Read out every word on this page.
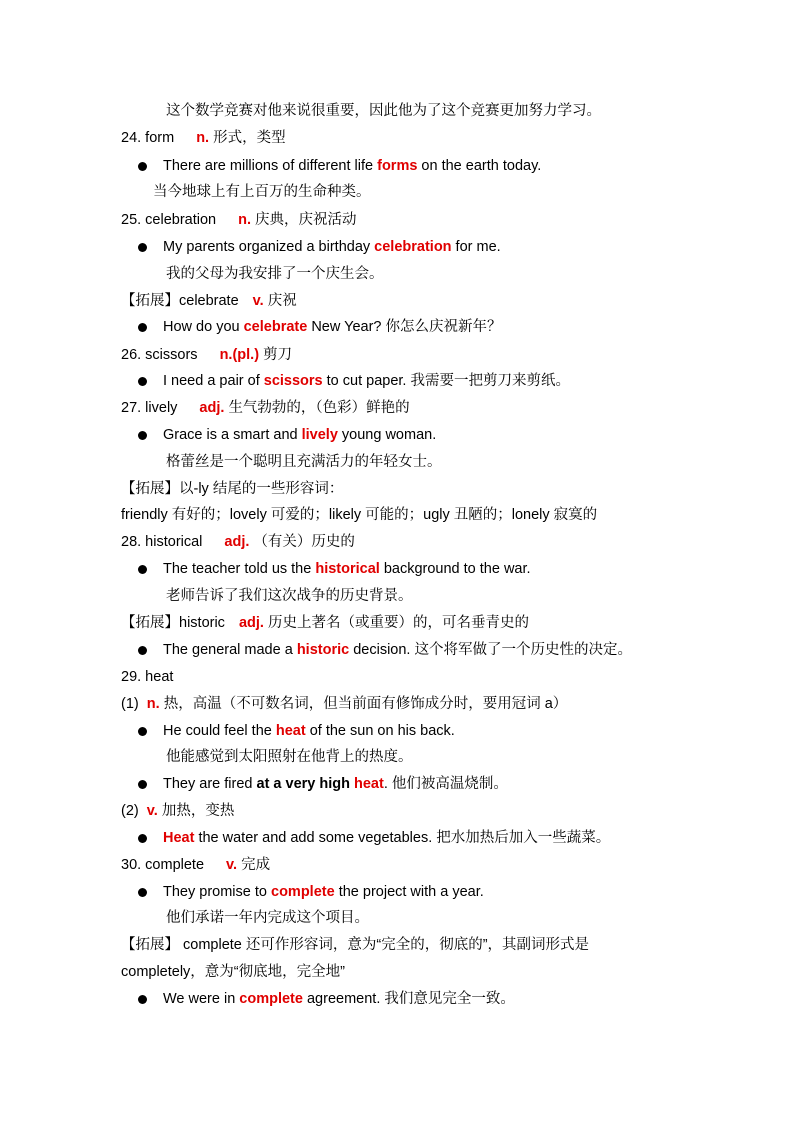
这个数学竞赛对他来说很重要，因此他为了这个竞赛更加努力学习。
24. form n. 形式，类型
There are millions of different life forms on the earth today.
当今地球上有上百万的生命种类。
25. celebration n. 庆典，庆祝活动
My parents organized a birthday celebration for me.
我的父母为我安排了一个庆生会。
【拓展】celebrate v. 庆祝
How do you celebrate New Year? 你怎么庆祝新年？
26. scissors n.(pl.) 剪刀
I need a pair of scissors to cut paper. 我需要一把剪刀来剪纸。
27. lively adj. 生气勃勃的，（色彩）鲜艳的
Grace is a smart and lively young woman.
格蕾丝是一个聪明且充满活力的年轻女士。
【拓展】以-ly 结尾的一些形容词：
friendly 有好的；lovely 可爱的；likely 可能的；ugly 丑陋的；lonely 寂寞的
28. historical adj. （有关）历史的
The teacher told us the historical background to the war.
老师告诉了我们这次战争的历史背景。
【拓展】historic adj. 历史上著名（或重要）的，可名垂青史的
The general made a historic decision. 这个将军做了一个历史性的决定。
29. heat
(1) n. 热，高温（不可数名词，但当前面有修饰成分时，要用冠词 a）
He could feel the heat of the sun on his back.
他能感觉到太阳照射在他背上的热度。
They are fired at a very high heat. 他们被高温烧制。
(2) v. 加热，变热
Heat the water and add some vegetables. 把水加热后加入一些蔬菜。
30. complete v. 完成
They promise to complete the project with a year.
他们承诺一年内完成这个项目。
【拓展】 complete 还可作形容词，意为“完全的，彻底的”，其副词形式是
completely，意为“彻底地，完全地”
We were in complete agreement. 我们意见完全一致。
